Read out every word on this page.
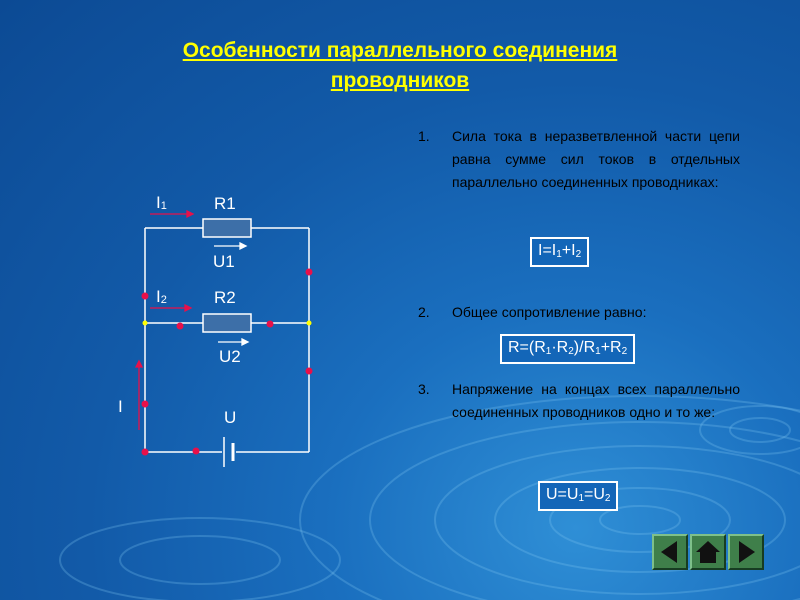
Особенности параллельного соединения
проводников
1. Сила тока в неразветвленной части цепи равна сумме сил токов в отдельных параллельно соединенных проводниках:
$I=I_1+I_2$
2. Общее сопротивление равно:
$R=(R_1\cdot R_2)/R_1+R_2$
3. Напряжение на концах всех параллельно соединенных проводников одно и то же:
$U=U_1=U_2$
I1	R1
U1
I2	R2
U2
I
U
